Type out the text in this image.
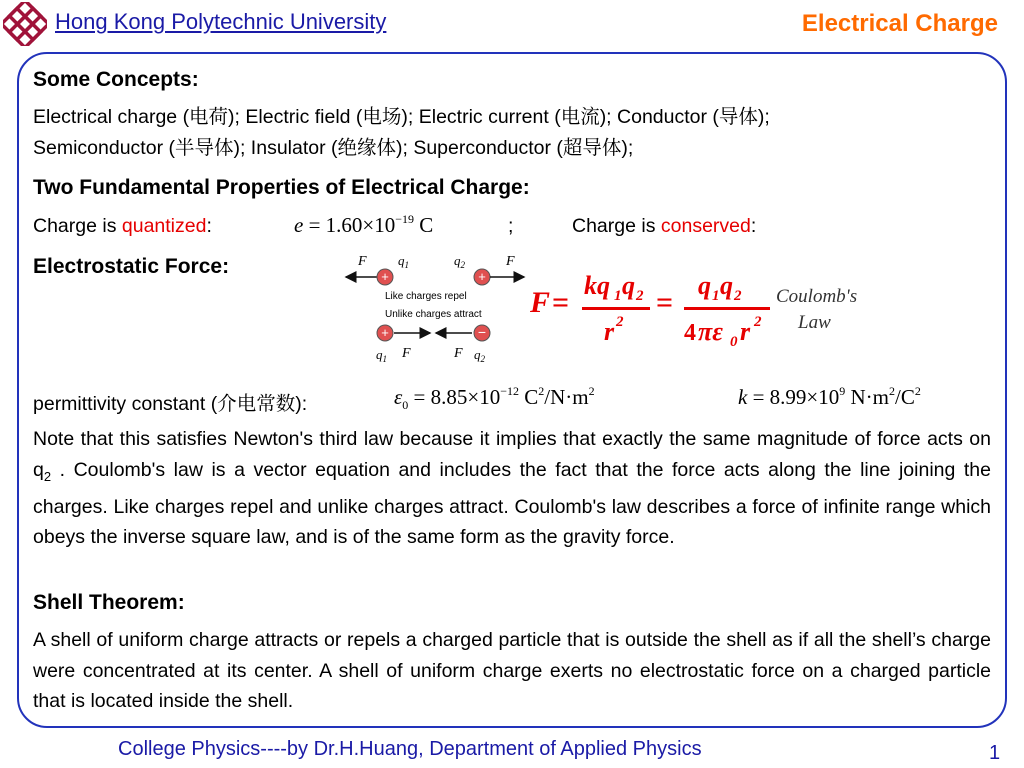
Hong Kong Polytechnic University	Electrical Charge
Some Concepts:
Electrical charge (电荷); Electric field (电场); Electric current (电流); Conductor (导体);
Semiconductor (半导体); Insulator (绝缘体); Superconductor (超导体);
Two Fundamental Properties of Electrical Charge:
Charge is quantized:	$e = 1.60\times 10^{-19}$ C	;	Charge is conserved:
Electrostatic Force:	+	+
F $q_1$	$q_2$	F
Like charges repel
Unlike charges attract
+	−
$q_1$ F	F $q_2$
F =
kq 1 q 2
r 2
=
q 1 q 2
4 πε 0 r 2
Coulomb's
Law
permittivity constant (介电常数):	$\varepsilon_0 = 8.85\times 10^{-12}$ $C^2/N\cdot m^2$	$k = 8.99\times 10^9$ $N\cdot m^2/C^2$
Note that this satisfies Newton's third law because it implies that exactly the same magnitude of force acts on $q_2$ . Coulomb's law is a vector equation and includes the fact that the force acts along the line joining the charges. Like charges repel and unlike charges attract. Coulomb's law describes a force of infinite range which obeys the inverse square law, and is of the same form as the gravity force.
Shell Theorem:
A shell of uniform charge attracts or repels a charged particle that is outside the shell as if all the shell’s charge were concentrated at its center. A shell of uniform charge exerts no electrostatic force on a charged particle that is located inside the shell.
College Physics----by Dr.H.Huang, Department of Applied Physics	1
